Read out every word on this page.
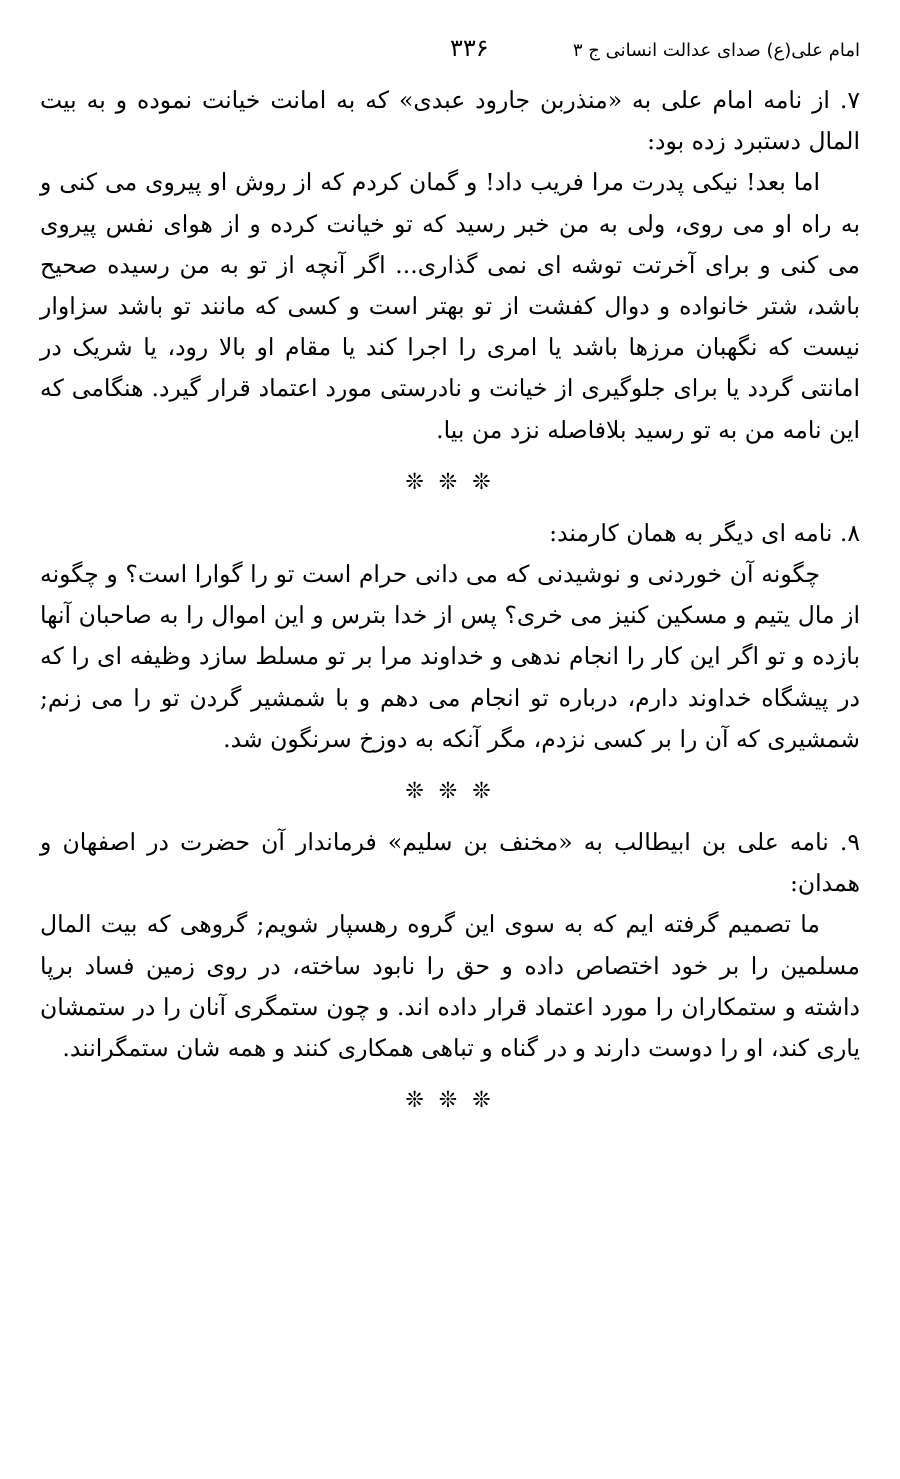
امام علی(ع) صدای عدالت انسانی ج ۳
۳۳۶

۷. از نامه امام علی به «منذربن جارود عبدی» که به امانت خیانت نموده و به بیت المال دستبرد زده بود:

اما بعد! نیکی پدرت مرا فریب داد! و گمان کردم که از روش او پیروی می کنی و به راه او می روی، ولی به من خبر رسید که تو خیانت کرده و از هوای نفس پیروی می کنی و برای آخرتت توشه ای نمی گذاری... اگر آنچه از تو به من رسیده صحیح باشد، شتر خانواده و دوال کفشت از تو بهتر است و کسی که مانند تو باشد سزاوار نیست که نگهبان مرزها باشد یا امری را اجرا کند یا مقام او بالا رود، یا شریک در امانتی گردد یا برای جلوگیری از خیانت و نادرستی مورد اعتماد قرار گیرد. هنگامی که این نامه من به تو رسید بلافاصله نزد من بیا.

❊ ❊ ❊

۸. نامه ای دیگر به همان کارمند:

چگونه آن خوردنی و نوشیدنی که می دانی حرام است تو را گوارا است؟ و چگونه از مال یتیم و مسکین کنیز می خری؟ پس از خدا بترس و این اموال را به صاحبان آنها بازده و تو اگر این کار را انجام ندهی و خداوند مرا بر تو مسلط سازد وظیفه ای را که در پیشگاه خداوند دارم، درباره تو انجام می دهم و با شمشیر گردن تو را می زنم; شمشیری که آن را بر کسی نزدم، مگر آنکه به دوزخ سرنگون شد.

❊ ❊ ❊

۹. نامه علی بن ابیطالب به «مخنف بن سلیم» فرماندار آن حضرت در اصفهان و همدان:

ما تصمیم گرفته ایم که به سوی این گروه رهسپار شویم; گروهی که بیت المال مسلمین را بر خود اختصاص داده و حق را نابود ساخته، در روی زمین فساد برپا داشته و ستمکاران را مورد اعتماد قرار داده اند. و چون ستمگری آنان را در ستمشان یاری کند، او را دوست دارند و در گناه و تباهی همکاری کنند و همه شان ستمگرانند.

❊ ❊ ❊
